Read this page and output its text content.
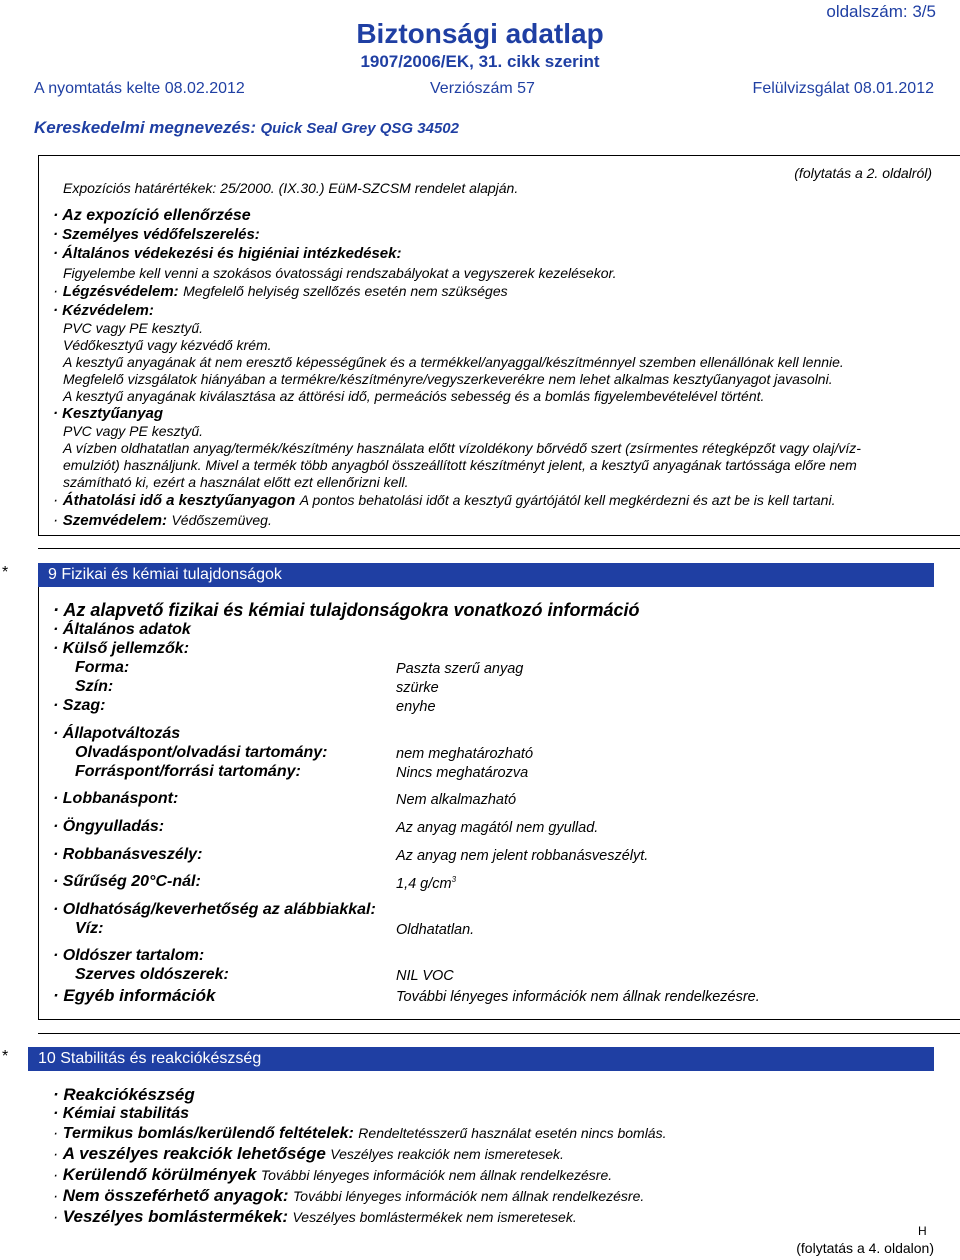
oldalszám: 3/5
Biztonsági adatlap
1907/2006/EK, 31. cikk szerint
A nyomtatás kelte 08.02.2012	Verziószám 57	Felülvizsgálat 08.01.2012
Kereskedelmi megnevezés: Quick Seal Grey QSG 34502
(folytatás a 2. oldalról)
Expozíciós határértékek: 25/2000. (IX.30.) EüM-SZCSM rendelet alapján.
· Az expozíció ellenőrzése
· Személyes védőfelszerelés:
· Általános védekezési és higiéniai intézkedések:
Figyelembe kell venni a szokásos óvatossági rendszabályokat a vegyszerek kezelésekor.
· Légzésvédelem: Megfelelő helyiség szellőzés esetén nem szükséges
· Kézvédelem:
PVC vagy PE kesztyű.
Védőkesztyű vagy kézvédő krém.
A kesztyű anyagának át nem eresztő képességűnek és a termékkel/anyaggal/készítménnyel szemben ellenállónak kell lennie.
Megfelelő vizsgálatok hiányában a termékre/készítményre/vegyszerkeverékre nem lehet alkalmas kesztyűanyagot javasolni.
A kesztyű anyagának kiválasztása az áttörési idő, permeációs sebesség és a bomlás figyelembevételével történt.
· Kesztyűanyag
PVC vagy PE kesztyű.
A vízben oldhatatlan anyag/termék/készítmény használata előtt vízoldékony bőrvédő szert (zsírmentes rétegképzőt vagy olaj/víz-
emulziót) használjunk. Mivel a termék több anyagból összeállított készítményt jelent, a kesztyű anyagának tartóssága előre nem
számítható ki, ezért a használat előtt ezt ellenőrizni kell.
· Áthatolási idő a kesztyűanyagon A pontos behatolási időt a kesztyű gyártójától kell megkérdezni és azt be is kell tartani.
· Szemvédelem: Védőszemüveg.
* 9 Fizikai és kémiai tulajdonságok
· Az alapvető fizikai és kémiai tulajdonságokra vonatkozó információ
· Általános adatok
· Külső jellemzők:
Forma:	Paszta szerű anyag
Szín:	szürke
· Szag:	enyhe
· Állapotváltozás
Olvadáspont/olvadási tartomány:	nem meghatározható
Forráspont/forrási tartomány:	Nincs meghatározva
· Lobbanáspont:	Nem alkalmazható
· Öngyulladás:	Az anyag magától nem gyullad.
· Robbanásveszély:	Az anyag nem jelent robbanásveszélyt.
· Sűrűség 20°C-nál:	1,4 $g/cm^3$
· Oldhatóság/keverhetőség az alábbiakkal:
Víz:	Oldhatatlan.
· Oldószer tartalom:
Szerves oldószerek:	NIL VOC
· Egyéb információk	További lényeges információk nem állnak rendelkezésre.
* 10 Stabilitás és reakciókészség
· Reakciókészség
· Kémiai stabilitás
· Termikus bomlás/kerülendő feltételek: Rendeltetésszerű használat esetén nincs bomlás.
· A veszélyes reakciók lehetősége Veszélyes reakciók nem ismeretesek.
· Kerülendő körülmények További lényeges információk nem állnak rendelkezésre.
· Nem összeférhető anyagok: További lényeges információk nem állnak rendelkezésre.
· Veszélyes bomlástermékek: Veszélyes bomlástermékek nem ismeretesek.
H
(folytatás a 4. oldalon)
